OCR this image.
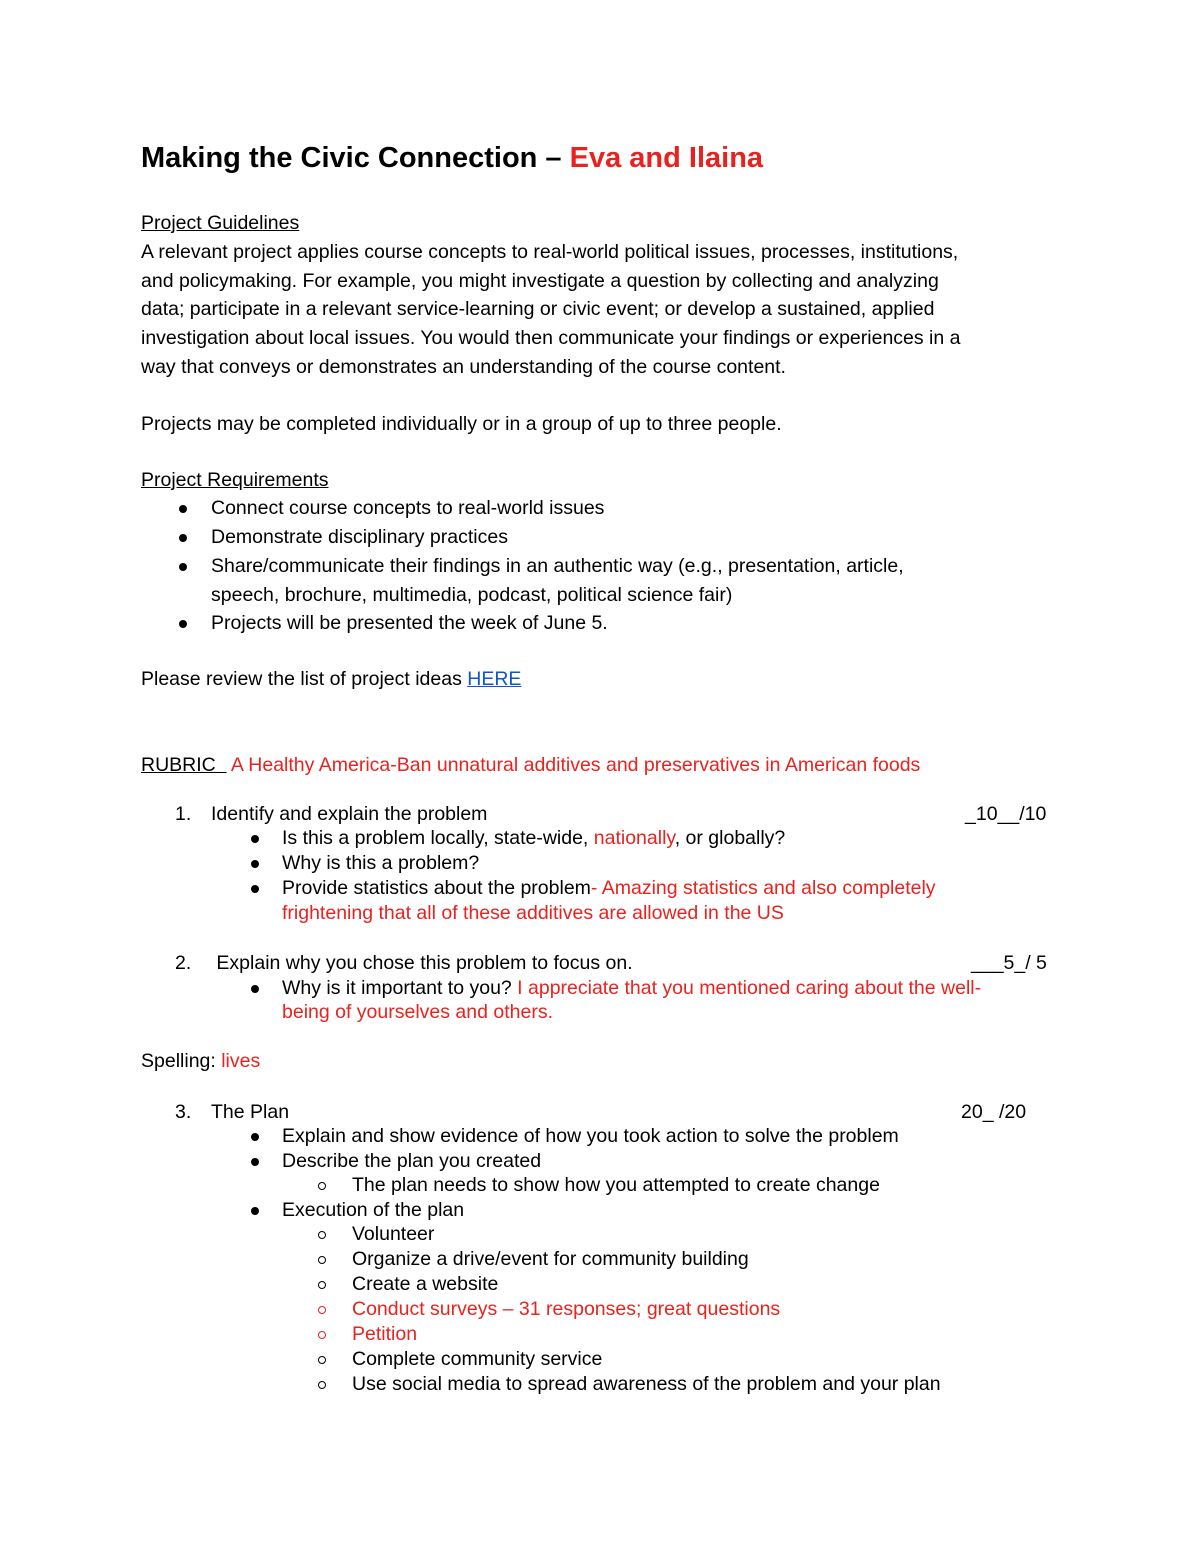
Making the Civic Connection – Eva and Ilaina
Project Guidelines
A relevant project applies course concepts to real-world political issues, processes, institutions,
and policymaking. For example, you might investigate a question by collecting and analyzing
data; participate in a relevant service-learning or civic event; or develop a sustained, applied
investigation about local issues. You would then communicate your findings or experiences in a
way that conveys or demonstrates an understanding of the course content.
Projects may be completed individually or in a group of up to three people.
Project Requirements
Connect course concepts to real-world issues
Demonstrate disciplinary practices
Share/communicate their findings in an authentic way (e.g., presentation, article,
speech, brochure, multimedia, podcast, political science fair)
Projects will be presented the week of June 5.
Please review the list of project ideas HERE
RUBRIC   A Healthy America-Ban unnatural additives and preservatives in American foods
1. Identify and explain the problem	_10__/10
Is this a problem locally, state-wide, nationally, or globally?
Why is this a problem?
Provide statistics about the problem- Amazing statistics and also completely
frightening that all of these additives are allowed in the US
2. Explain why you chose this problem to focus on.	___5_/ 5
Why is it important to you? I appreciate that you mentioned caring about the well-
being of yourselves and others.
Spelling: lives
3. The Plan	20_ /20
Explain and show evidence of how you took action to solve the problem
Describe the plan you created
The plan needs to show how you attempted to create change
Execution of the plan
Volunteer
Organize a drive/event for community building
Create a website
Conduct surveys – 31 responses; great questions
Petition
Complete community service
Use social media to spread awareness of the problem and your plan
